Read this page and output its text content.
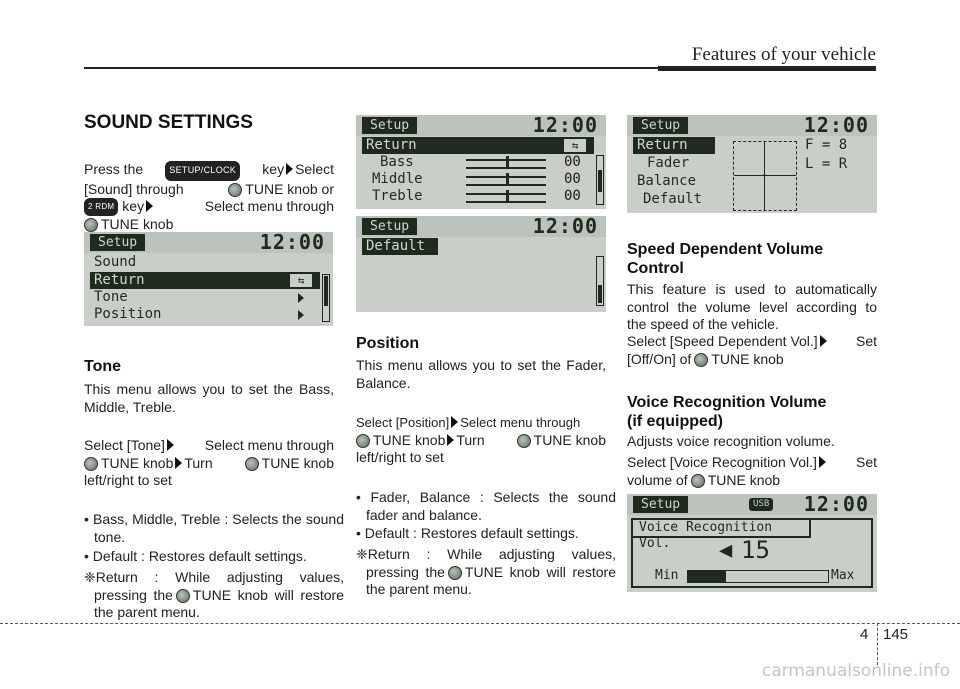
Features of your vehicle
SOUND SETTINGS
Press the	SETUP/CLOCK key Select
[Sound] through	TUNE knob or
2 RDM key	Select menu through
TUNE knob
Setup	12:00
Sound
Return	⇆
Tone
Position
Tone
This menu allows you to set the Bass, Middle, Treble.
Select [Tone]	Select menu through
TUNE knob Turn	TUNE knob
left/right to set
• Bass, Middle, Treble : Selects the sound tone.
• Default : Restores default settings.
❈Return : While adjusting values, pressing the TUNE knob will restore the parent menu.
Setup	12:00
Return	⇆
Bass	00
Middle	00
Treble	00
Setup	12:00
Default
Position
This menu allows you to set the Fader, Balance.
Select [Position] Select menu through
TUNE knob Turn	TUNE knob
left/right to set
• Fader, Balance : Selects the sound fader and balance.
• Default : Restores default settings.
❈Return : While adjusting values, pressing the TUNE knob will restore the parent menu.
Setup	12:00
Return
Fader
Balance
Default
✦
F = 8
L = R
Speed Dependent Volume Control
This feature is used to automatically control the volume level according to the speed of the vehicle.
Select [Speed Dependent Vol.]	Set
[Off/On] of TUNE knob
Voice Recognition Volume
(if equipped)
Adjusts voice recognition volume.
Select [Voice Recognition Vol.]	Set
volume of TUNE knob
Setup	USB 12:00
Voice Recognition Vol.	◀ 15
Min	Max
4 145
carmanualsonline.info
